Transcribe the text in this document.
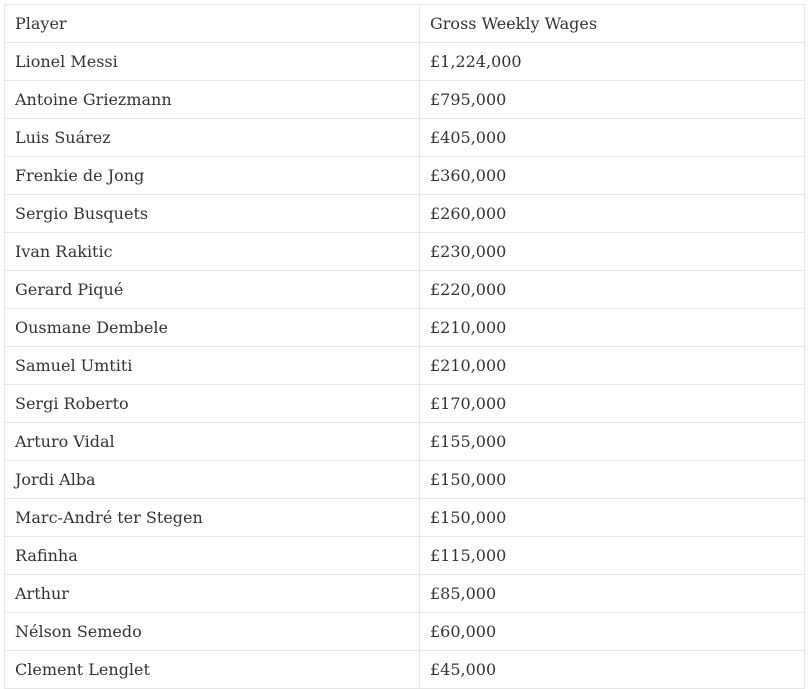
Player	Gross Weekly Wages
Lionel Messi	£1,224,000
Antoine Griezmann	£795,000
Luis Suárez	£405,000
Frenkie de Jong	£360,000
Sergio Busquets	£260,000
Ivan Rakitic	£230,000
Gerard Piqué	£220,000
Ousmane Dembele	£210,000
Samuel Umtiti	£210,000
Sergi Roberto	£170,000
Arturo Vidal	£155,000
Jordi Alba	£150,000
Marc-André ter Stegen	£150,000
Rafinha	£115,000
Arthur	£85,000
Nélson Semedo	£60,000
Clement Lenglet	£45,000
